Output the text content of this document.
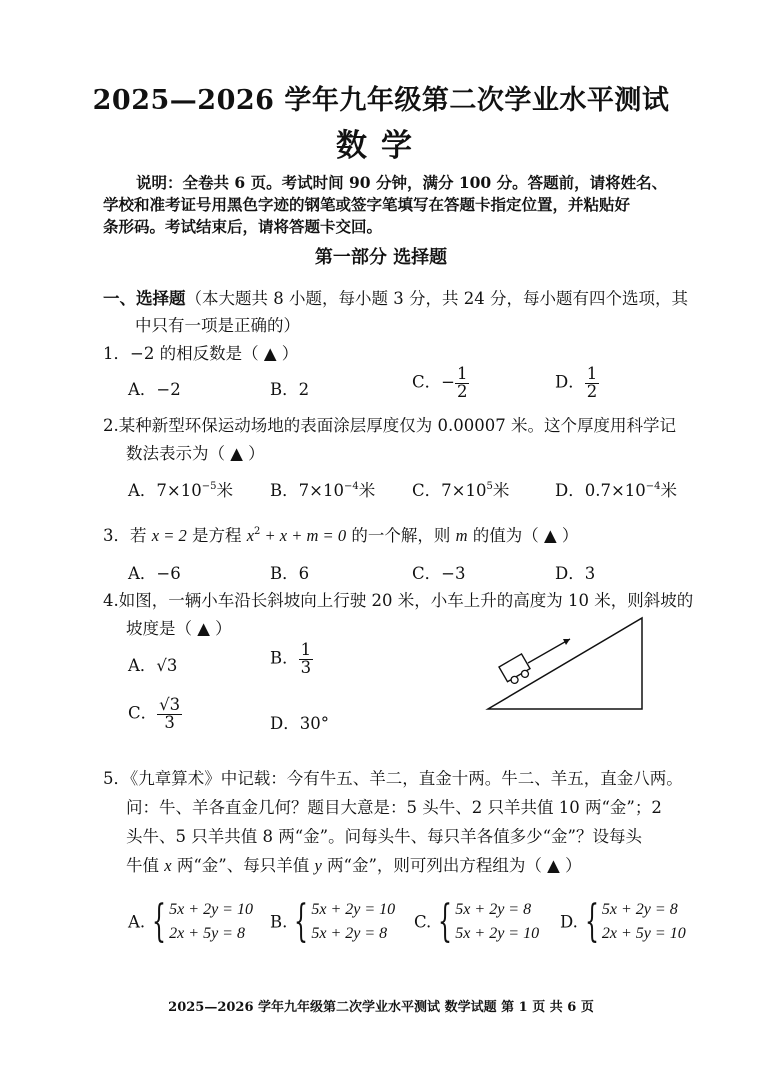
2025—2026 学年九年级第二次学业水平测试
数学
说明：全卷共 6 页。考试时间 90 分钟，满分 100 分。答题前，请将姓名、
学校和准考证号用黑色字迹的钢笔或签字笔填写在答题卡指定位置，并粘贴好
条形码。考试结束后，请将答题卡交回。
第一部分 选择题
一、选择题（本大题共 8 小题，每小题 3 分，共 24 分，每小题有四个选项，其
中只有一项是正确的）
1．−2 的相反数是（ ▲ ）
A．−2	B．2	C．− $\frac{1}{2}$	D． $\frac{1}{2}$
2.某种新型环保运动场地的表面涂层厚度仅为 0.00007 米。这个厚度用科学记
数法表示为（ ▲ ）
A．$7\times 10^{-5}$米 B．$7\times 10^{-4}$米 C．$7\times 10^5$米	D．$0.7\times 10^{-4}$米
3．若 x = 2 是方程 $x^2 + x + m = 0$ 的一个解，则 m 的值为（ ▲ ）
A．−6	B．6	C．−3	D．3
4.如图，一辆小车沿长斜坡向上行驶 20 米，小车上升的高度为 10 米，则斜坡的
坡度是（ ▲ ）
A．√3	B． $\frac{1}{3}$
C． $\frac{√3}{3}$	D．30°
5．《九章算术》中记载：今有牛五、羊二，直金十两。牛二、羊五，直金八两。
问：牛、羊各直金几何？题目大意是：5 头牛、2 只羊共值 10 两“金”；2
头牛、5 只羊共值 8 两“金”。问每头牛、每只羊各值多少“金”？设每头
牛值 x 两“金”、每只羊值 y 两“金”，则可列出方程组为（ ▲ ）
A. { 5x + 2y = 10
2x + 5y = 8
B. { 5x + 2y = 10
5x + 2y = 8
C. { 5x + 2y = 8
5x + 2y = 10
D. { 5x + 2y = 8
2x + 5y = 10
2025—2026 学年九年级第二次学业水平测试 数学试题 第 1 页 共 6 页
